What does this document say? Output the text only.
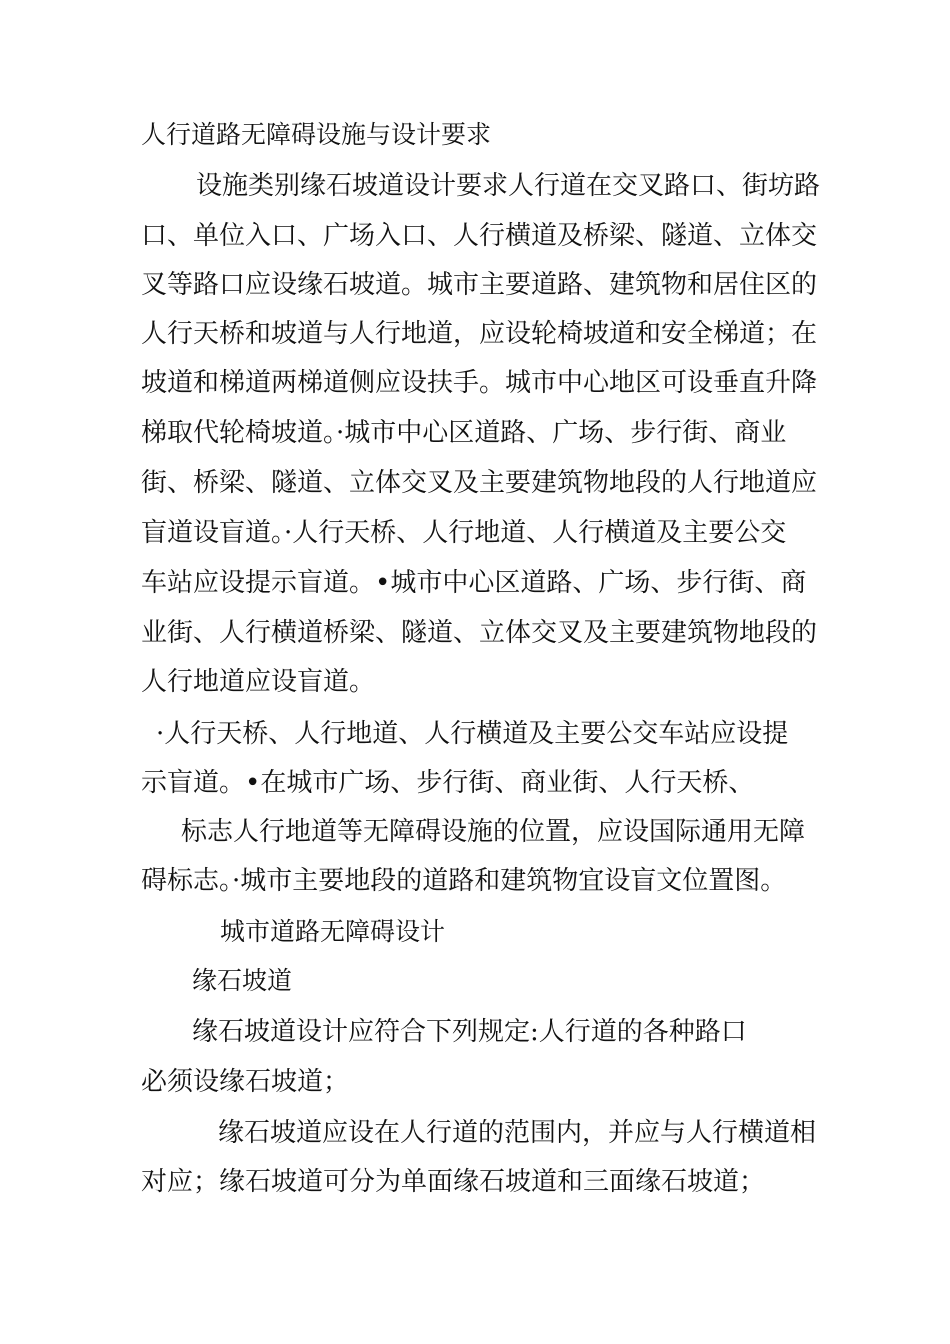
人行道路无障碍设施与设计要求
设施类别缘石坡道设计要求人行道在交叉路口、街坊路
口、单位入口、广场入口、人行横道及桥梁、隧道、立体交
叉等路口应设缘石坡道。城市主要道路、建筑物和居住区的
人行天桥和坡道与人行地道，应设轮椅坡道和安全梯道；在
坡道和梯道两梯道侧应设扶手。城市中心地区可设垂直升降
梯取代轮椅坡道。·城市中心区道路、广场、步行街、商业
街、桥梁、隧道、立体交叉及主要建筑物地段的人行地道应
盲道设盲道。·人行天桥、人行地道、人行横道及主要公交
车站应设提示盲道。•城市中心区道路、广场、步行街、商
业街、人行横道桥梁、隧道、立体交叉及主要建筑物地段的
人行地道应设盲道。
·人行天桥、人行地道、人行横道及主要公交车站应设提
示盲道。•在城市广场、步行街、商业街、人行天桥、
标志人行地道等无障碍设施的位置，应设国际通用无障
碍标志。·城市主要地段的道路和建筑物宜设盲文位置图。
城市道路无障碍设计
缘石坡道
缘石坡道设计应符合下列规定:人行道的各种路口
必须设缘石坡道；
缘石坡道应设在人行道的范围内，并应与人行横道相
对应；缘石坡道可分为单面缘石坡道和三面缘石坡道；
